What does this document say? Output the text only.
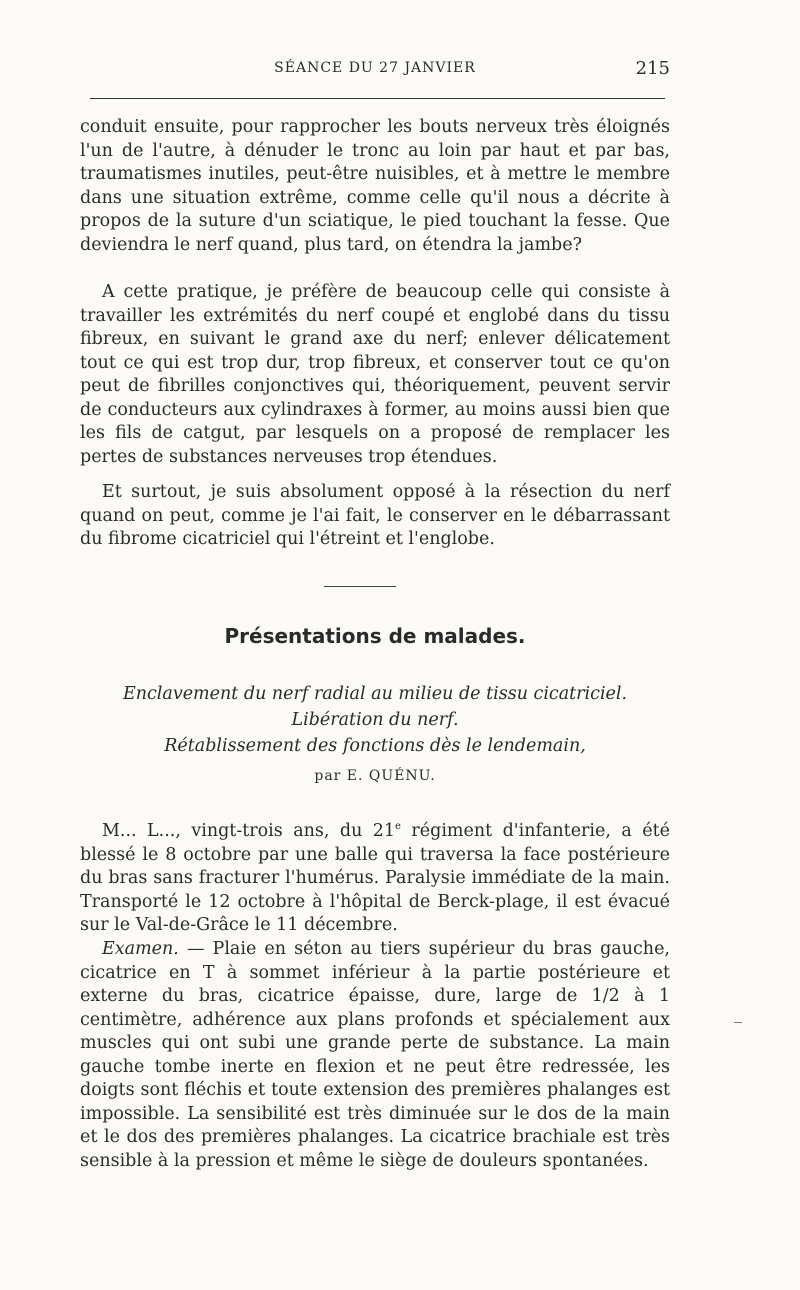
SÉANCE DU 27 JANVIER	215

conduit ensuite, pour rapprocher les bouts nerveux très éloignés l'un de l'autre, à dénuder le tronc au loin par haut et par bas, traumatismes inutiles, peut-être nuisibles, et à mettre le membre dans une situation extrême, comme celle qu'il nous a décrite à propos de la suture d'un sciatique, le pied touchant la fesse. Que deviendra le nerf quand, plus tard, on étendra la jambe?

A cette pratique, je préfère de beaucoup celle qui consiste à travailler les extrémités du nerf coupé et englobé dans du tissu fibreux, en suivant le grand axe du nerf; enlever délicatement tout ce qui est trop dur, trop fibreux, et conserver tout ce qu'on peut de fibrilles conjonctives qui, théoriquement, peuvent servir de conducteurs aux cylindraxes à former, au moins aussi bien que les fils de catgut, par lesquels on a proposé de remplacer les pertes de substances nerveuses trop étendues.

Et surtout, je suis absolument opposé à la résection du nerf quand on peut, comme je l'ai fait, le conserver en le débarrassant du fibrome cicatriciel qui l'étreint et l'englobe.

Présentations de malades.
Enclavement du nerf radial au milieu de tissu cicatriciel.
Libération du nerf.
Rétablissement des fonctions dès le lendemain,
par E. QUÉNU.

M... L..., vingt-trois ans, du 21e régiment d'infanterie, a été blessé le 8 octobre par une balle qui traversa la face postérieure du bras sans fracturer l'humérus. Paralysie immédiate de la main. Transporté le 12 octobre à l'hôpital de Berck-plage, il est évacué sur le Val-de-Grâce le 11 décembre.

Examen. — Plaie en séton au tiers supérieur du bras gauche, cicatrice en T à sommet inférieur à la partie postérieure et externe du bras, cicatrice épaisse, dure, large de 1/2 à 1 centimètre, adhérence aux plans profonds et spécialement aux muscles qui ont subi une grande perte de substance. La main gauche tombe inerte en flexion et ne peut être redressée, les doigts sont fléchis et toute extension des premières phalanges est impossible. La sensibilité est très diminuée sur le dos de la main et le dos des premières phalanges. La cicatrice brachiale est très sensible à la pression et même le siège de douleurs spontanées.
